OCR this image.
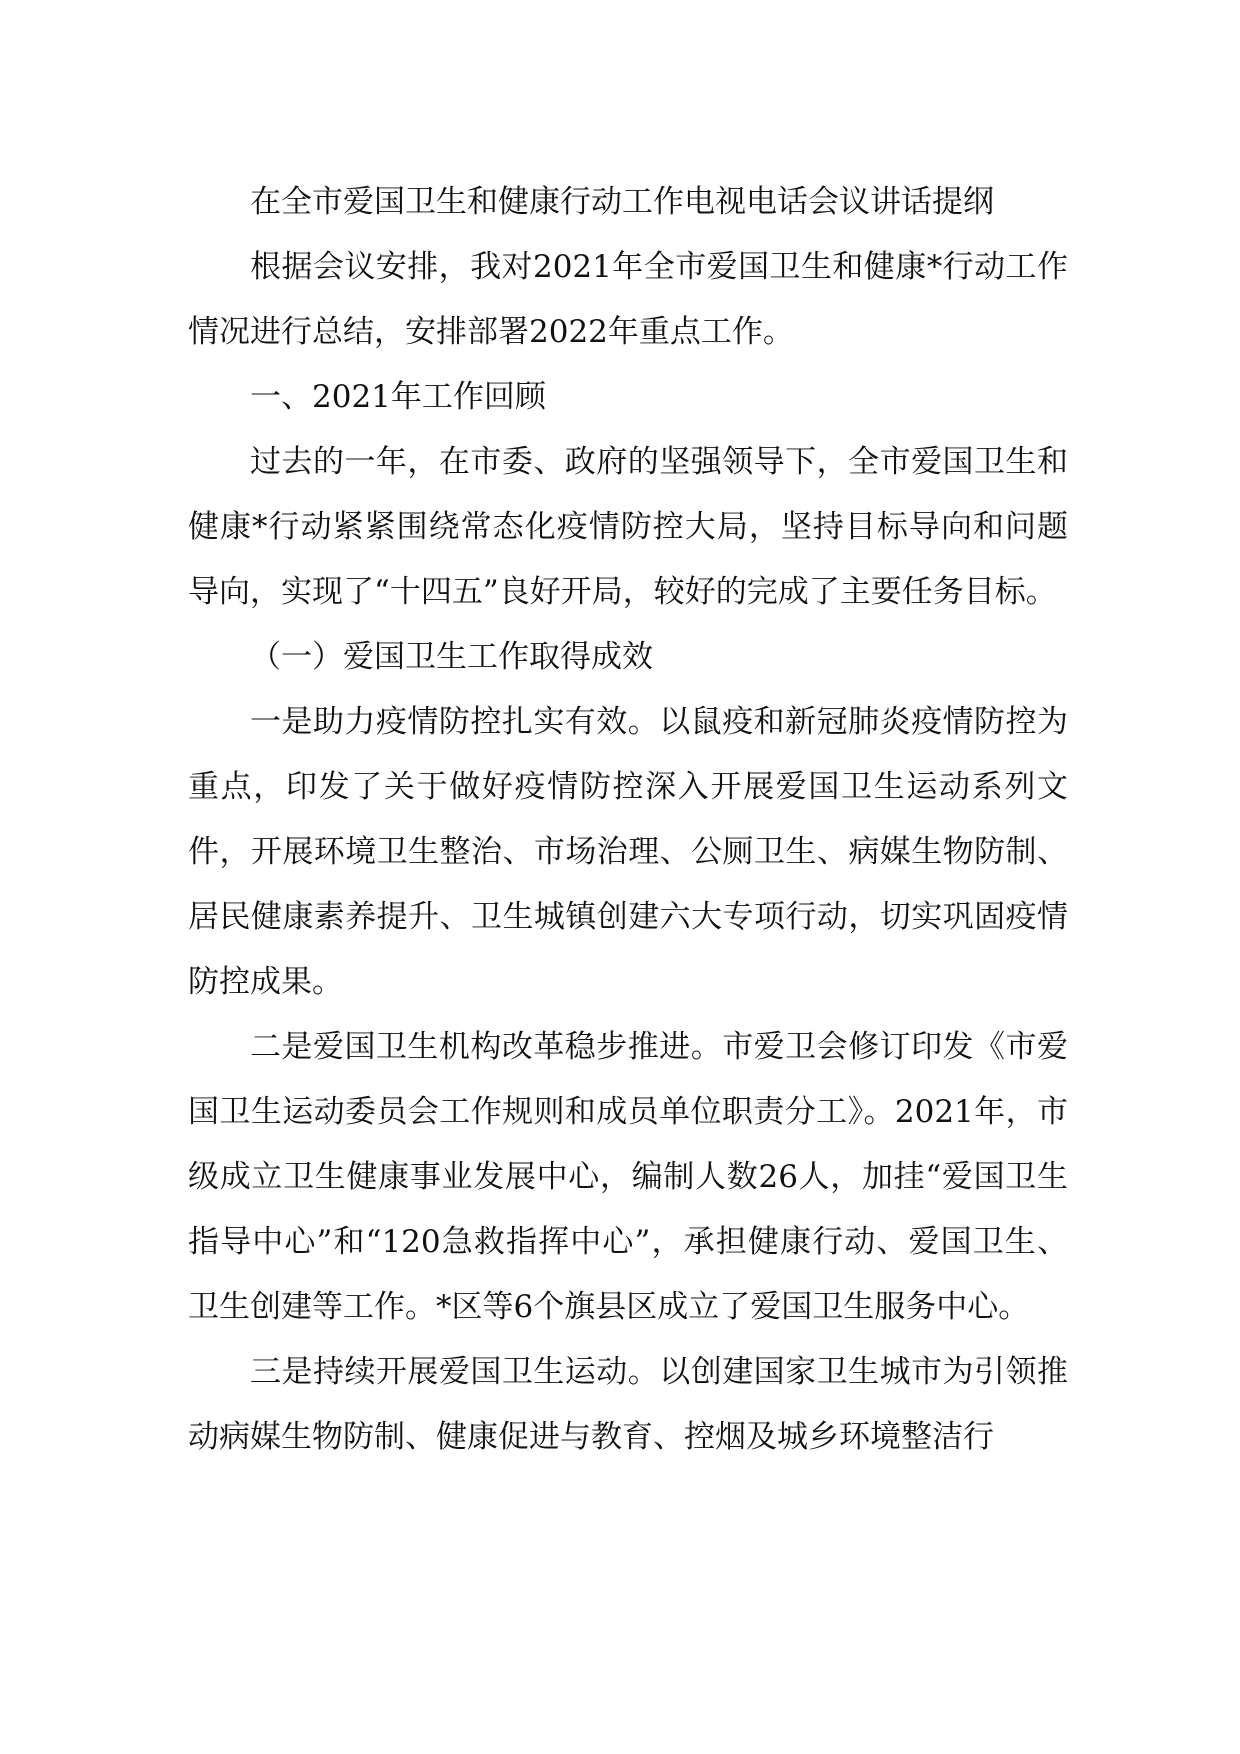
在全市爱国卫生和健康行动工作电视电话会议讲话提纲

根据会议安排，我对2021年全市爱国卫生和健康*行动工作情况进行总结，安排部署2022年重点工作。

一、2021年工作回顾

过去的一年，在市委、政府的坚强领导下，全市爱国卫生和健康*行动紧紧围绕常态化疫情防控大局，坚持目标导向和问题导向，实现了“十四五”良好开局，较好的完成了主要任务目标。

（一）爱国卫生工作取得成效

一是助力疫情防控扎实有效。以鼠疫和新冠肺炎疫情防控为重点，印发了关于做好疫情防控深入开展爱国卫生运动系列文件，开展环境卫生整治、市场治理、公厕卫生、病媒生物防制、居民健康素养提升、卫生城镇创建六大专项行动，切实巩固疫情防控成果。

二是爱国卫生机构改革稳步推进。市爱卫会修订印发《市爱国卫生运动委员会工作规则和成员单位职责分工》。2021年，市级成立卫生健康事业发展中心，编制人数26人，加挂“爱国卫生指导中心”和“120急救指挥中心”，承担健康行动、爱国卫生、卫生创建等工作。*区等6个旗县区成立了爱国卫生服务中心。

三是持续开展爱国卫生运动。以创建国家卫生城市为引领推动病媒生物防制、健康促进与教育、控烟及城乡环境整洁行
